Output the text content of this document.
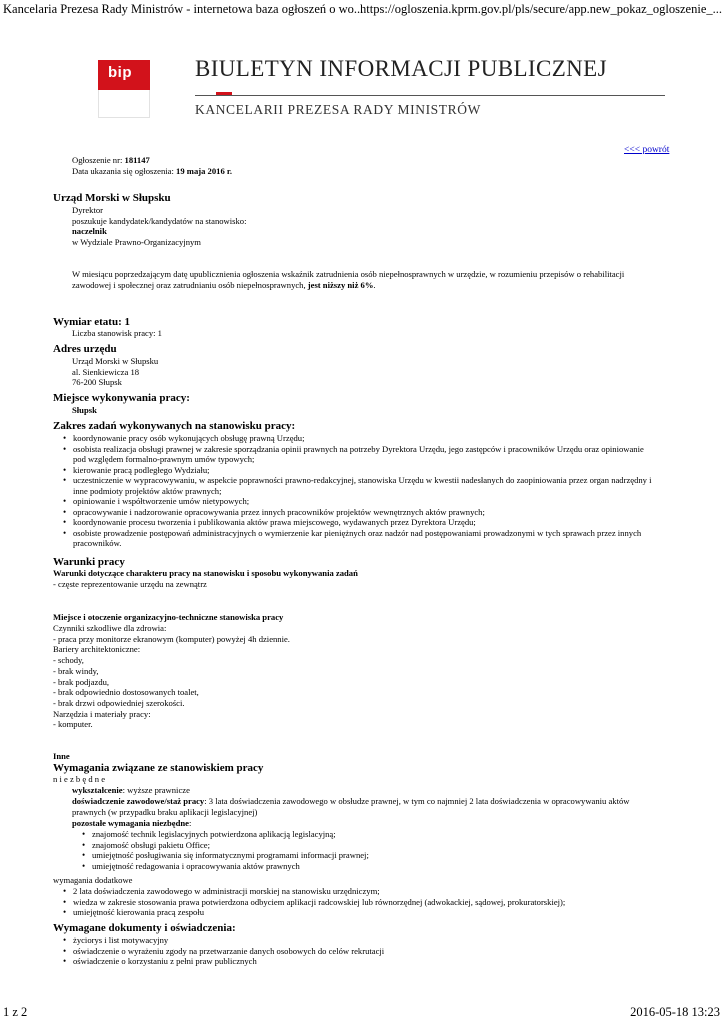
Kancelaria Prezesa Rady Ministrów - internetowa baza ogłoszeń o wo...
https://ogloszenia.kprm.gov.pl/pls/secure/app.new_pokaz_ogloszenie_...
bip	BIULETYN INFORMACJI PUBLICZNEJ
KANCELARII PREZESA RADY MINISTRÓW
<<< powrót
Ogłoszenie nr: 181147
Data ukazania się ogłoszenia: 19 maja 2016 r.
Urząd Morski w Słupsku
Dyrektor
poszukuje kandydatek/kandydatów na stanowisko:
naczelnik
w Wydziale Prawno-Organizacyjnym
W miesiącu poprzedzającym datę upublicznienia ogłoszenia wskaźnik zatrudnienia osób niepełnosprawnych w urzędzie, w rozumieniu przepisów o rehabilitacji
zawodowej i społecznej oraz zatrudnianiu osób niepełnosprawnych, jest niższy niż 6%.
Wymiar etatu: 1
Liczba stanowisk pracy: 1
Adres urzędu
Urząd Morski w Słupsku
al. Sienkiewicza 18
76-200 Słupsk
Miejsce wykonywania pracy:
Słupsk
Zakres zadań wykonywanych na stanowisku pracy:
• koordynowanie pracy osób wykonujących obsługę prawną Urzędu;
• osobista realizacja obsługi prawnej w zakresie sporządzania opinii prawnych na potrzeby Dyrektora Urzędu, jego zastępców i pracowników Urzędu oraz opiniowanie
pod względem formalno-prawnym umów typowych;
• kierowanie pracą podległego Wydziału;
• uczestniczenie w wypracowywaniu, w aspekcie poprawności prawno-redakcyjnej, stanowiska Urzędu w kwestii nadesłanych do zaopiniowania przez organ nadrzędny i
inne podmioty projektów aktów prawnych;
• opiniowanie i współtworzenie umów nietypowych;
• opracowywanie i nadzorowanie opracowywania przez innych pracowników projektów wewnętrznych aktów prawnych;
• koordynowanie procesu tworzenia i publikowania aktów prawa miejscowego, wydawanych przez Dyrektora Urzędu;
• osobiste prowadzenie postępowań administracyjnych o wymierzenie kar pieniężnych oraz nadzór nad postępowaniami prowadzonymi w tych sprawach przez innych
pracowników.
Warunki pracy
Warunki dotyczące charakteru pracy na stanowisku i sposobu wykonywania zadań
- częste reprezentowanie urzędu na zewnątrz
Miejsce i otoczenie organizacyjno-techniczne stanowiska pracy
Czynniki szkodliwe dla zdrowia:
- praca przy monitorze ekranowym (komputer) powyżej 4h dziennie.
Bariery architektoniczne:
- schody,
- brak windy,
- brak podjazdu,
- brak odpowiednio dostosowanych toalet,
- brak drzwi odpowiedniej szerokości.
Narzędzia i materiały pracy:
- komputer.
Inne
Wymagania związane ze stanowiskiem pracy
n i e z b ę d n e
wykształcenie: wyższe prawnicze
doświadczenie zawodowe/staż pracy: 3 lata doświadczenia zawodowego w obsłudze prawnej, w tym co najmniej 2 lata doświadczenia w opracowywaniu aktów
prawnych (w przypadku braku aplikacji legislacyjnej)
pozostałe wymagania niezbędne:
• znajomość technik legislacyjnych potwierdzona aplikacją legislacyjną;
• znajomość obsługi pakietu Office;
• umiejętność posługiwania się informatycznymi programami informacji prawnej;
• umiejętność redagowania i opracowywania aktów prawnych
wymagania dodatkowe
• 2 lata doświadczenia zawodowego w administracji morskiej na stanowisku urzędniczym;
• wiedza w zakresie stosowania prawa potwierdzona odbyciem aplikacji radcowskiej lub równorzędnej (adwokackiej, sądowej, prokuratorskiej);
• umiejętność kierowania pracą zespołu
Wymagane dokumenty i oświadczenia:
• życiorys i list motywacyjny
• oświadczenie o wyrażeniu zgody na przetwarzanie danych osobowych do celów rekrutacji
• oświadczenie o korzystaniu z pełni praw publicznych
1 z 2	2016-05-18 13:23
